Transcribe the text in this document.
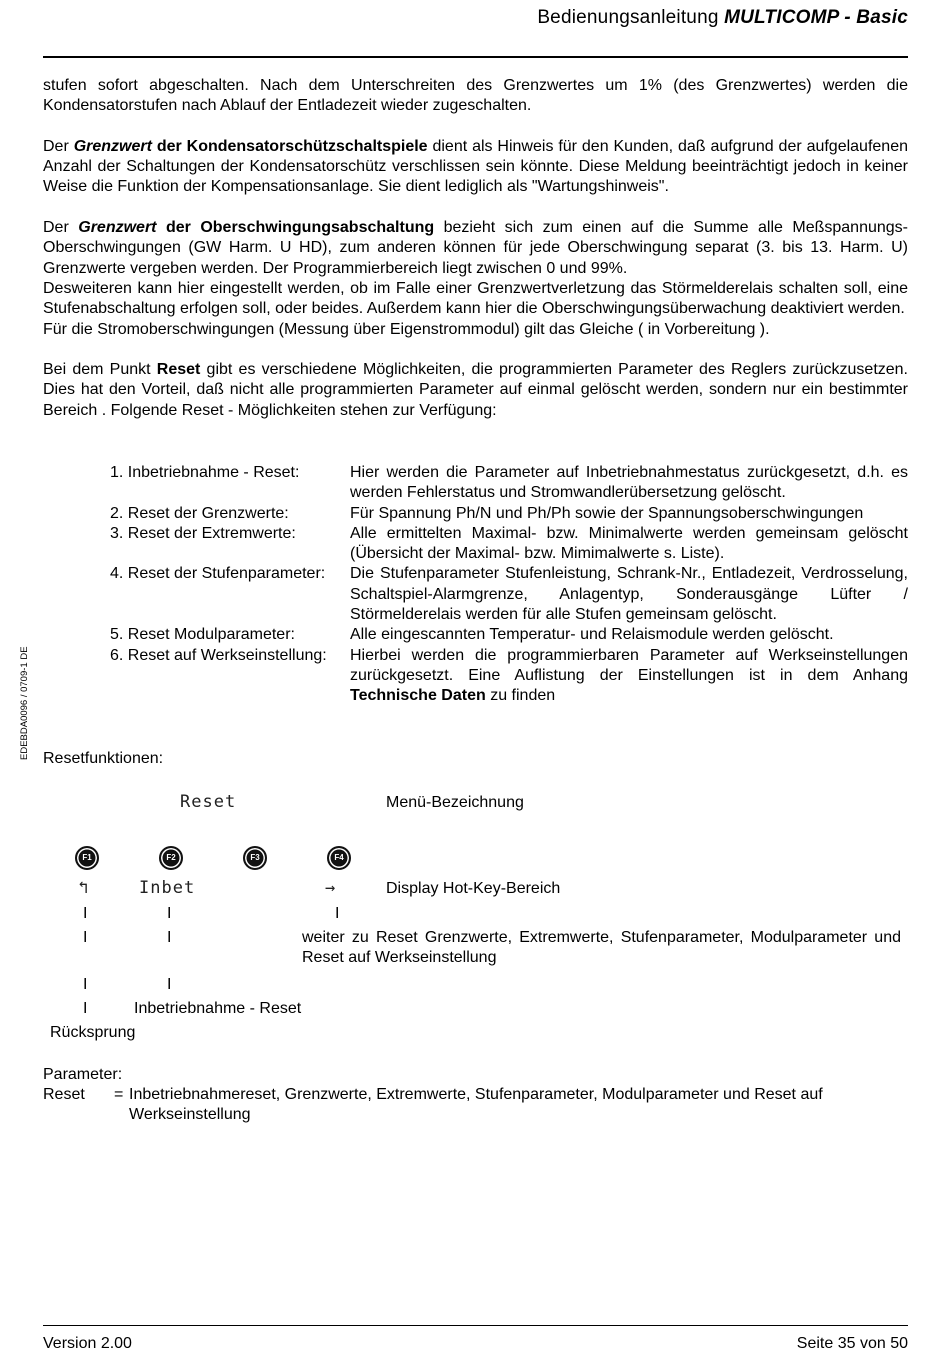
Bedienungsanleitung MULTICOMP - Basic
EDEBDA0096 / 0709-1 DE

stufen sofort abgeschalten. Nach dem Unterschreiten des Grenzwertes um 1% (des Grenzwertes) werden die Kondensatorstufen nach Ablauf der Entladezeit wieder zugeschalten.

Der Grenzwert der Kondensatorschützschaltspiele dient als Hinweis für den Kunden, daß aufgrund der aufgelaufenen Anzahl der Schaltungen der Kondensatorschütz verschlissen sein könnte. Diese Meldung beeinträchtigt jedoch in keiner Weise die Funktion der Kompensationsanlage. Sie dient lediglich als "Wartungshinweis".

Der Grenzwert der Oberschwingungsabschaltung bezieht sich zum einen auf die Summe alle Meßspannungs-Oberschwingungen (GW Harm. U HD), zum anderen können für jede Oberschwingung separat (3. bis 13. Harm. U) Grenzwerte vergeben werden. Der Programmierbereich liegt zwischen 0 und 99%.

Desweiteren kann hier eingestellt werden, ob im Falle einer Grenzwertverletzung das Störmelderelais schalten soll, eine Stufenabschaltung erfolgen soll, oder beides. Außerdem kann hier die Oberschwingungsüberwachung deaktiviert werden.

Für die Stromoberschwingungen (Messung über Eigenstrommodul) gilt das Gleiche ( in Vorbereitung ).

Bei dem Punkt Reset gibt es verschiedene Möglichkeiten, die programmierten Parameter des Reglers zurückzusetzen. Dies hat den Vorteil, daß nicht alle programmierten Parameter auf einmal gelöscht werden, sondern nur ein bestimmter Bereich . Folgende Reset - Möglichkeiten stehen zur Verfügung:

1. Inbetriebnahme - Reset:	Hier werden die Parameter auf Inbetriebnahmestatus zurückgesetzt, d.h. es werden Fehlerstatus und Stromwandlerübersetzung gelöscht.
2. Reset der Grenzwerte:	Für Spannung Ph/N und Ph/Ph sowie der Spannungsoberschwingungen
3. Reset der Extremwerte:	Alle ermittelten Maximal- bzw. Minimalwerte werden gemeinsam gelöscht (Übersicht der Maximal- bzw. Mimimalwerte s. Liste).
4. Reset der Stufenparameter:	Die Stufenparameter Stufenleistung, Schrank-Nr., Entladezeit, Verdrosselung, Schaltspiel-Alarmgrenze, Anlagentyp, Sonderausgänge Lüfter / Störmelderelais werden für alle Stufen gemeinsam gelöscht.
5. Reset Modulparameter:	Alle eingescannten Temperatur- und Relaismodule werden gelöscht.
6. Reset auf Werkseinstellung:	Hierbei werden die programmierbaren Parameter auf Werkseinstellungen zurückgesetzt. Eine Auflistung der Einstellungen ist in dem Anhang Technische Daten zu finden
Resetfunktionen:
Reset	Menü-Bezeichnung
F1	F2	F3	F4
↰	Inbet	→	Display Hot-Key-Bereich
I	I	I
I	I	weiter zu Reset Grenzwerte, Extremwerte, Stufenparameter, Modulparameter und Reset auf Werkseinstellung
I	I
I	Inbetriebnahme - Reset
Rücksprung
Parameter:
Reset = Inbetriebnahmereset, Grenzwerte, Extremwerte, Stufenparameter, Modulparameter und Reset auf Werkseinstellung
Version 2.00	Seite 35 von 50
